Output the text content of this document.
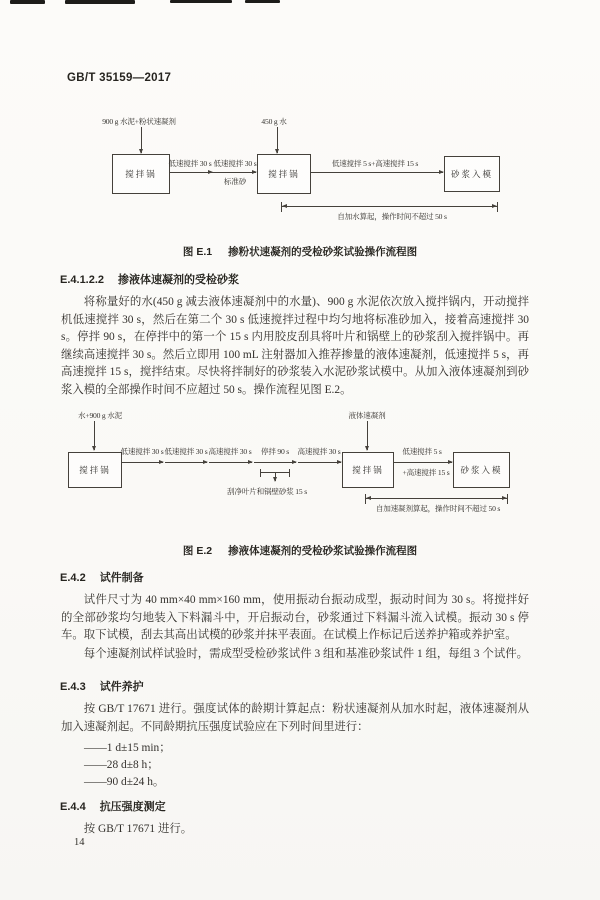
GB/T 35159—2017
900 g 水泥+粉状速凝剂
搅拌锅
低速搅拌 30 s 低速搅拌 30 s
标准砂
450 g 水
搅拌锅
低速搅拌 5 s+高速搅拌 15 s
砂浆入模
自加水算起，操作时间不超过 50 s
图 E.1 掺粉状速凝剂的受检砂浆试验操作流程图
E.4.1.2.2 掺液体速凝剂的受检砂浆
将称量好的水(450 g 减去液体速凝剂中的水量)、900 g 水泥依次放入搅拌锅内，开动搅拌机低速搅拌 30 s，然后在第二个 30 s 低速搅拌过程中均匀地将标准砂加入，接着高速搅拌 30 s。停拌 90 s，在停拌中的第一个 15 s 内用胶皮刮具将叶片和锅壁上的砂浆刮入搅拌锅中。再继续高速搅拌 30 s。然后立即用 100 mL 注射器加入推荐掺量的液体速凝剂，低速搅拌 5 s，再高速搅拌 15 s，搅拌结束。尽快将拌制好的砂浆装入水泥砂浆试模中。从加入液体速凝剂到砂浆入模的全部操作时间不应超过 50 s。操作流程见图 E.2。
水+900 g 水泥
搅拌锅
低速搅拌 30 s 低速搅拌 30 s 高速搅拌 30 s 停拌 90 s 高速搅拌 30 s
刮净叶片和锅壁砂浆 15 s
液体速凝剂
搅拌锅
低速搅拌 5 s
+高速搅拌 15 s	砂浆入模
自加速凝剂算起，操作时间不超过 50 s
图 E.2 掺液体速凝剂的受检砂浆试验操作流程图
E.4.2 试件制备
试件尺寸为 40 mm×40 mm×160 mm，使用振动台振动成型，振动时间为 30 s。将搅拌好的全部砂浆均匀地装入下料漏斗中，开启振动台，砂浆通过下料漏斗流入试模。振动 30 s 停车。取下试模，刮去其高出试模的砂浆并抹平表面。在试模上作标记后送养护箱或养护室。
每个速凝剂试样试验时，需成型受检砂浆试件 3 组和基准砂浆试件 1 组，每组 3 个试件。
E.4.3 试件养护
按 GB/T 17671 进行。强度试体的龄期计算起点：粉状速凝剂从加水时起，液体速凝剂从加入速凝剂起。不同龄期抗压强度试验应在下列时间里进行：
——1 d±15 min；
——28 d±8 h；
——90 d±24 h。
E.4.4 抗压强度测定
按 GB/T 17671 进行。
14
